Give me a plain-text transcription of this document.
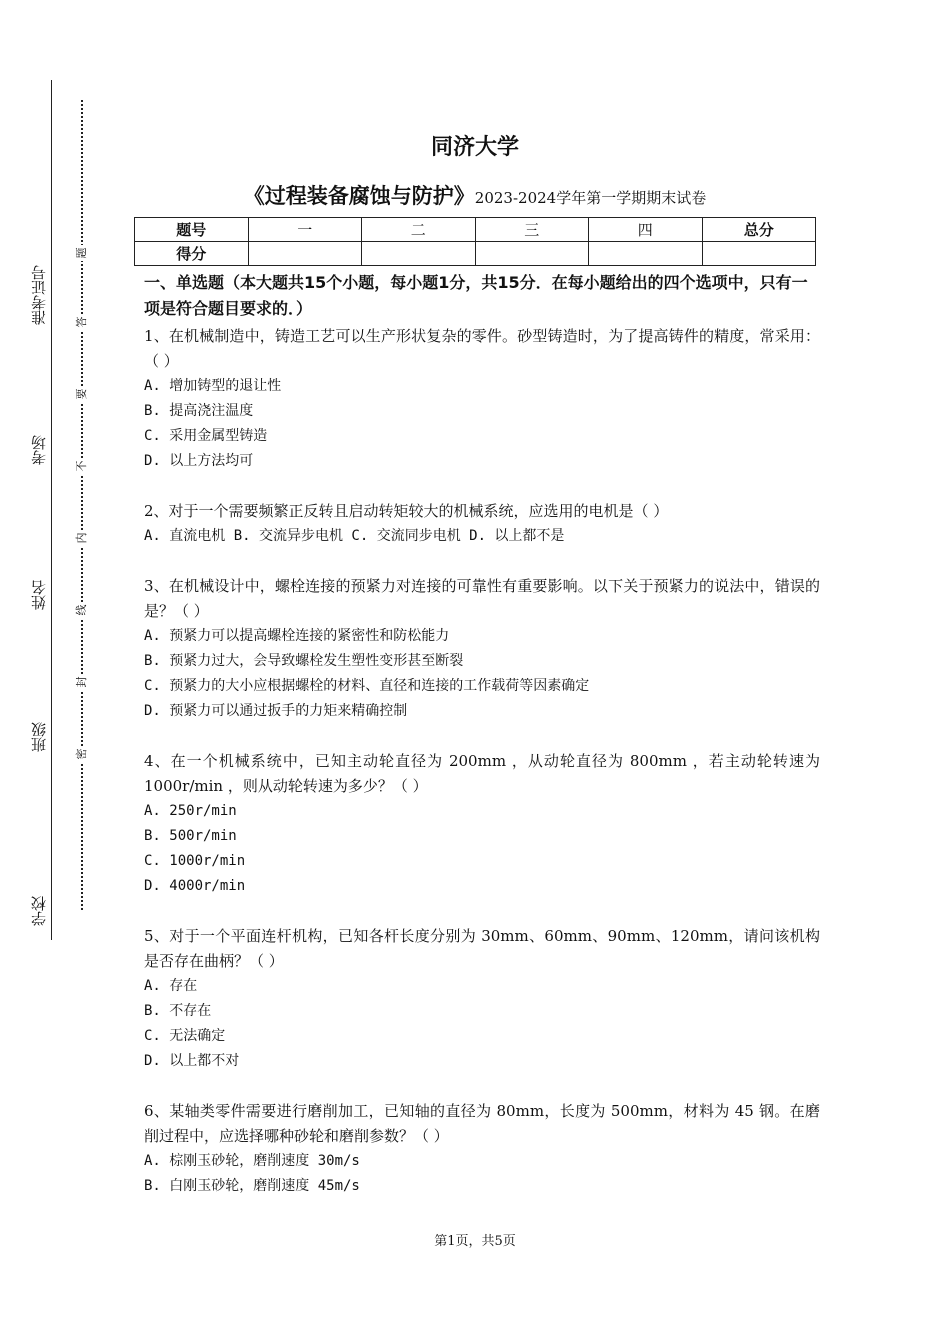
准考证号
考场
姓名
班级
学校
题
答
要
不
内
线
封
密
同济大学
《过程装备腐蚀与防护》2023-2024学年第一学期期末试卷
题号	一	二	三	四	总分
得分					
一、单选题（本大题共15个小题，每小题1分，共15分．在每小题给出的四个选项中，只有一项是符合题目要求的．）
1、在机械制造中，铸造工艺可以生产形状复杂的零件。砂型铸造时，为了提高铸件的精度，常采用：（ ）
A. 增加铸型的退让性
B. 提高浇注温度
C. 采用金属型铸造
D. 以上方法均可
2、对于一个需要频繁正反转且启动转矩较大的机械系统，应选用的电机是（ ）
A. 直流电机 B. 交流异步电机 C. 交流同步电机 D. 以上都不是
3、在机械设计中，螺栓连接的预紧力对连接的可靠性有重要影响。以下关于预紧力的说法中，错误的是？（ ）
A. 预紧力可以提高螺栓连接的紧密性和防松能力
B. 预紧力过大，会导致螺栓发生塑性变形甚至断裂
C. 预紧力的大小应根据螺栓的材料、直径和连接的工作载荷等因素确定
D. 预紧力可以通过扳手的力矩来精确控制
4、在一个机械系统中，已知主动轮直径为 200mm ，从动轮直径为 800mm ，若主动轮转速为 1000r/min ，则从动轮转速为多少？（ ）
A. 250r/min
B. 500r/min
C. 1000r/min
D. 4000r/min
5、对于一个平面连杆机构，已知各杆长度分别为 30mm、60mm、90mm、120mm，请问该机构是否存在曲柄？（ ）
A. 存在
B. 不存在
C. 无法确定
D. 以上都不对
6、某轴类零件需要进行磨削加工，已知轴的直径为 80mm，长度为 500mm，材料为 45 钢。在磨削过程中，应选择哪种砂轮和磨削参数？（ ）
A. 棕刚玉砂轮，磨削速度 30m/s
B. 白刚玉砂轮，磨削速度 45m/s
第1页，共5页
